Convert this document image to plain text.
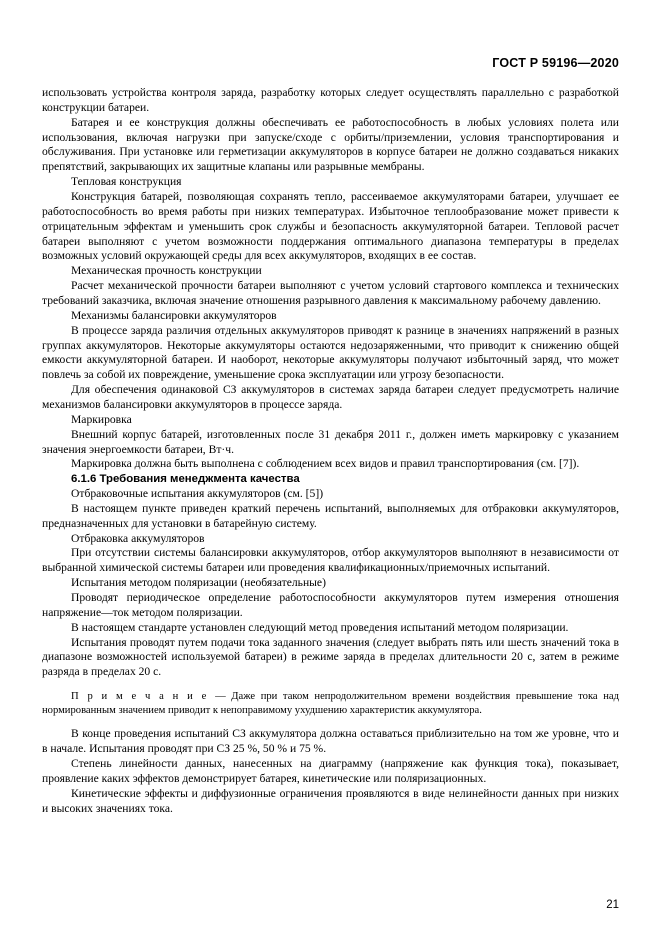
ГОСТ Р 59196—2020

использовать устройства контроля заряда, разработку которых следует осуществлять параллельно с разработкой конструкции батареи.

Батарея и ее конструкция должны обеспечивать ее работоспособность в любых условиях полета или использования, включая нагрузки при запуске/сходе с орбиты/приземлении, условия транспортирования и обслуживания. При установке или герметизации аккумуляторов в корпусе батареи не должно создаваться никаких препятствий, закрывающих их защитные клапаны или разрывные мембраны.

Тепловая конструкция

Конструкция батарей, позволяющая сохранять тепло, рассеиваемое аккумуляторами батареи, улучшает ее работоспособность во время работы при низких температурах. Избыточное теплообразование может привести к отрицательным эффектам и уменьшить срок службы и безопасность аккумуляторной батареи. Тепловой расчет батареи выполняют с учетом возможности поддержания оптимального диапазона температуры в пределах возможных условий окружающей среды для всех аккумуляторов, входящих в ее состав.

Механическая прочность конструкции

Расчет механической прочности батареи выполняют с учетом условий стартового комплекса и технических требований заказчика, включая значение отношения разрывного давления к максимальному рабочему давлению.

Механизмы балансировки аккумуляторов

В процессе заряда различия отдельных аккумуляторов приводят к разнице в значениях напряжений в разных группах аккумуляторов. Некоторые аккумуляторы остаются недозаряженными, что приводит к снижению общей емкости аккумуляторной батареи. И наоборот, некоторые аккумуляторы получают избыточный заряд, что может повлечь за собой их повреждение, уменьшение срока эксплуатации или угрозу безопасности.

Для обеспечения одинаковой СЗ аккумуляторов в системах заряда батареи следует предусмотреть наличие механизмов балансировки аккумуляторов в процессе заряда.

Маркировка

Внешний корпус батарей, изготовленных после 31 декабря 2011 г., должен иметь маркировку с указанием значения энергоемкости батареи, Вт·ч.

Маркировка должна быть выполнена с соблюдением всех видов и правил транспортирования (см. [7]).

6.1.6 Требования менеджмента качества

Отбраковочные испытания аккумуляторов (см. [5])

В настоящем пункте приведен краткий перечень испытаний, выполняемых для отбраковки аккумуляторов, предназначенных для установки в батарейную систему.

Отбраковка аккумуляторов

При отсутствии системы балансировки аккумуляторов, отбор аккумуляторов выполняют в независимости от выбранной химической системы батареи или проведения квалификационных/приемочных испытаний.

Испытания методом поляризации (необязательные)

Проводят периодическое определение работоспособности аккумуляторов путем измерения отношения напряжение—ток методом поляризации.

В настоящем стандарте установлен следующий метод проведения испытаний методом поляризации.

Испытания проводят путем подачи тока заданного значения (следует выбрать пять или шесть значений тока в диапазоне возможностей используемой батареи) в режиме заряда в пределах длительности 20 с, затем в режиме разряда в пределах 20 с.

П р и м е ч а н и е — Даже при таком непродолжительном времени воздействия превышение тока над нормированным значением приводит к непоправимому ухудшению характеристик аккумулятора.

В конце проведения испытаний СЗ аккумулятора должна оставаться приблизительно на том же уровне, что и в начале. Испытания проводят при СЗ 25 %, 50 % и 75 %.

Степень линейности данных, нанесенных на диаграмму (напряжение как функция тока), показывает, проявление каких эффектов демонстрирует батарея, кинетические или поляризационных.

Кинетические эффекты и диффузионные ограничения проявляются в виде нелинейности данных при низких и высоких значениях тока.

21
